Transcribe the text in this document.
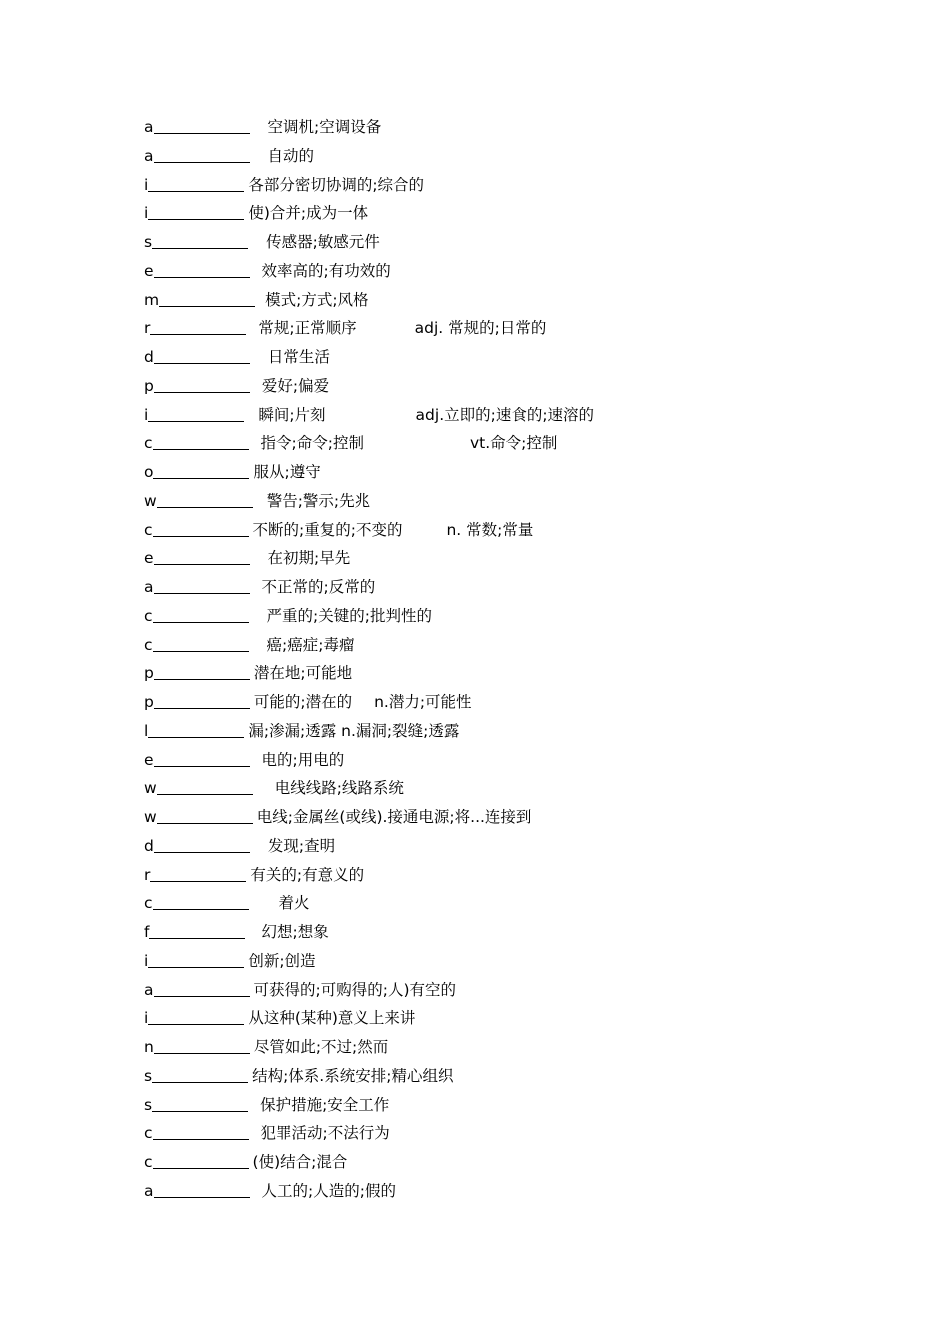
a	空调机;空调设备
a	自动的
i	各部分密切协调的;综合的
i	使)合并;成为一体
s	传感器;敏感元件
e	效率高的;有功效的
m	模式;方式;风格
r	常规;正常顺序	adj. 常规的;日常的
d	日常生活
p	爱好;偏爱
i	瞬间;片刻	adj.立即的;速食的;速溶的
c	指令;命令;控制	vt.命令;控制
o	服从;遵守
w	警告;警示;先兆
c	不断的;重复的;不变的	n. 常数;常量
e	在初期;早先
a	不正常的;反常的
c	严重的;关键的;批判性的
c	癌;癌症;毒瘤
p	潜在地;可能地
p	可能的;潜在的 n.潜力;可能性
l	漏;渗漏;透露 n.漏洞;裂缝;透露
e	电的;用电的
w	电线线路;线路系统
w	电线;金属丝(或线).接通电源;将...连接到
d	发现;查明
r	有关的;有意义的
c	着火
f	幻想;想象
i	创新;创造
a	可获得的;可购得的;人)有空的
i	从这种(某种)意义上来讲
n	尽管如此;不过;然而
s	结构;体系.系统安排;精心组织
s	保护措施;安全工作
c	犯罪活动;不法行为
c	(使)结合;混合
a	人工的;人造的;假的
